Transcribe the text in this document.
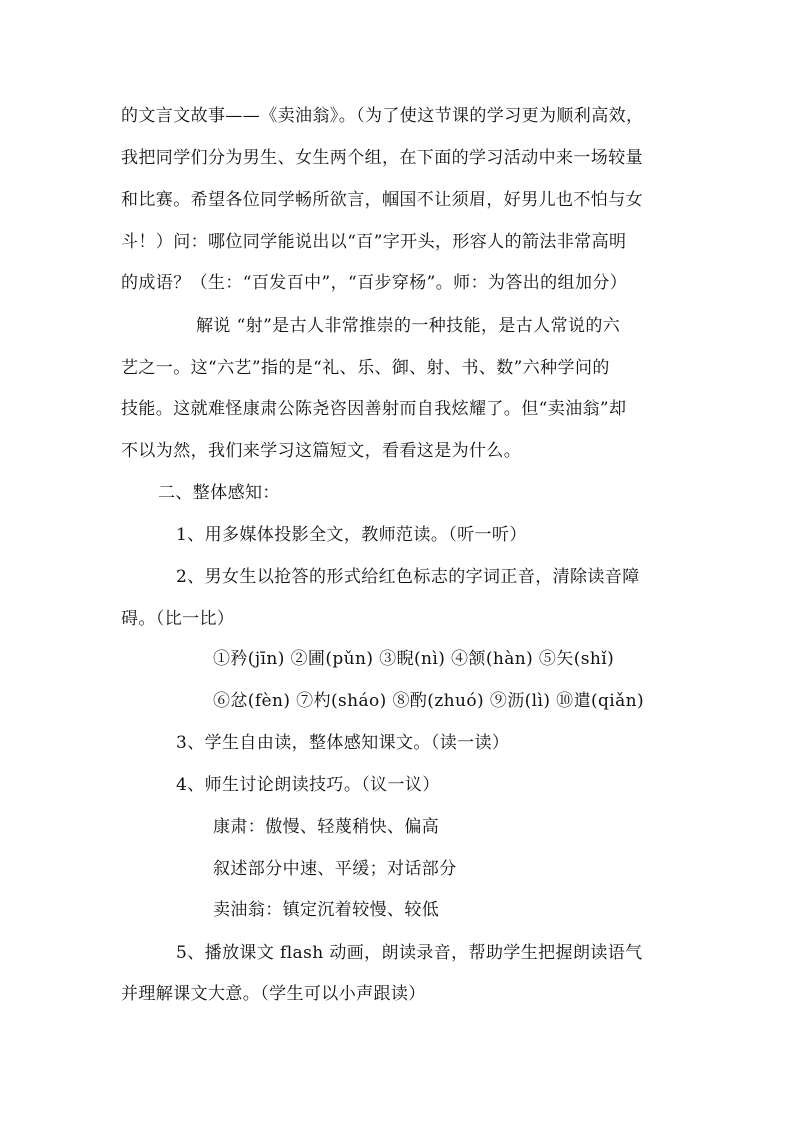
的文言文故事——《卖油翁》。（为了使这节课的学习更为顺利高效，
我把同学们分为男生、女生两个组，在下面的学习活动中来一场较量
和比赛。希望各位同学畅所欲言，帼国不让须眉，好男儿也不怕与女
斗！）问：哪位同学能说出以“百”字开头，形容人的箭法非常高明
的成语？（生：“百发百中”，“百步穿杨”。师：为答出的组加分）
解说 “射”是古人非常推崇的一种技能，是古人常说的六
艺之一。这“六艺”指的是“礼、乐、御、射、书、数”六种学问的
技能。这就难怪康肃公陈尧咨因善射而自我炫耀了。但“卖油翁”却
不以为然，我们来学习这篇短文，看看这是为什么。
二、整体感知：
1、用多媒体投影全文，教师范读。（听一听）
2、男女生以抢答的形式给红色标志的字词正音，清除读音障
碍。（比一比）
①矜(jīn) ②圃(pǔn) ③睨(nì) ④颔(hàn) ⑤矢(shǐ)
⑥忿(fèn) ⑦杓(sháo) ⑧酌(zhuó) ⑨沥(lì) ⑩遣(qiǎn)
3、学生自由读，整体感知课文。（读一读）
4、师生讨论朗读技巧。（议一议）
康肃：傲慢、轻蔑稍快、偏高
叙述部分中速、平缓；对话部分
卖油翁：镇定沉着较慢、较低
5、播放课文 flash 动画，朗读录音，帮助学生把握朗读语气
并理解课文大意。（学生可以小声跟读）
